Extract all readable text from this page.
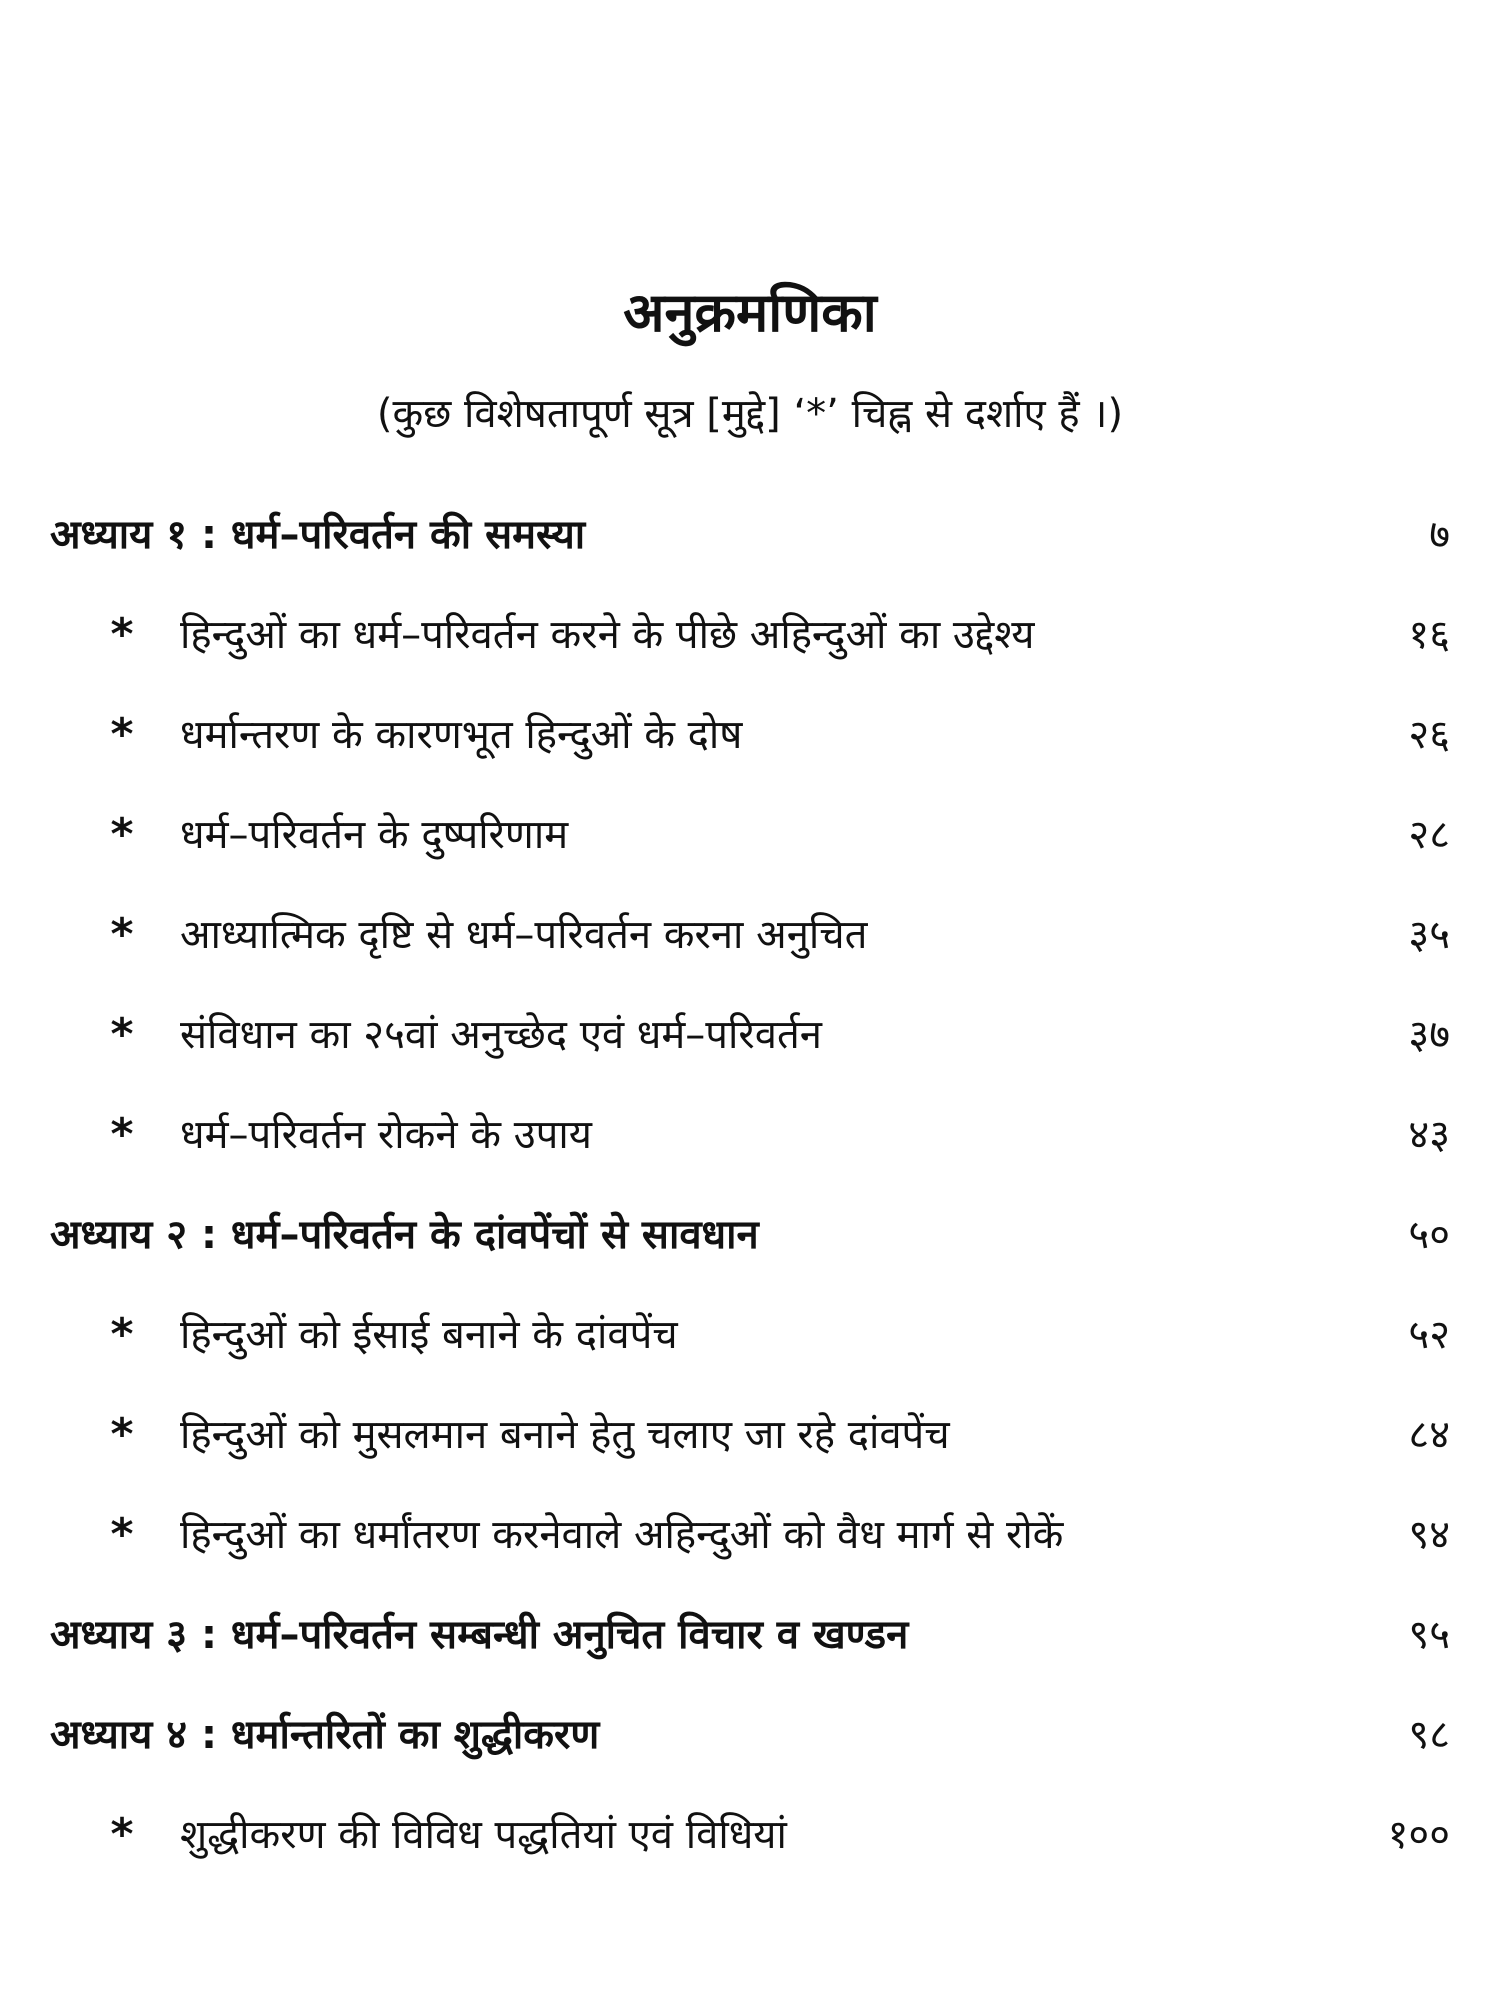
अनुक्रमणिका
(कुछ विशेषतापूर्ण सूत्र [मुद्दे] ‘*’ चिह्न से दर्शाए हैं ।)
अध्याय १ : धर्म–परिवर्तन की समस्या	७
* हिन्दुओं का धर्म–परिवर्तन करने के पीछे अहिन्दुओं का उद्देश्य	१६
* धर्मान्तरण के कारणभूत हिन्दुओं के दोष	२६
* धर्म–परिवर्तन के दुष्परिणाम	२८
* आध्यात्मिक दृष्टि से धर्म–परिवर्तन करना अनुचित	३५
* संविधान का २५वां अनुच्छेद एवं धर्म–परिवर्तन	३७
* धर्म–परिवर्तन रोकने के उपाय	४३
अध्याय २ : धर्म–परिवर्तन के दांवपेंचों से सावधान	५०
* हिन्दुओं को ईसाई बनाने के दांवपेंच	५२
* हिन्दुओं को मुसलमान बनाने हेतु चलाए जा रहे दांवपेंच	८४
* हिन्दुओं का धर्मांतरण करनेवाले अहिन्दुओं को वैध मार्ग से रोकें	९४
अध्याय ३ : धर्म–परिवर्तन सम्बन्धी अनुचित विचार व खण्डन	९५
अध्याय ४ : धर्मान्तरितों का शुद्धीकरण	९८
* शुद्धीकरण की विविध पद्धतियां एवं विधियां	१००
